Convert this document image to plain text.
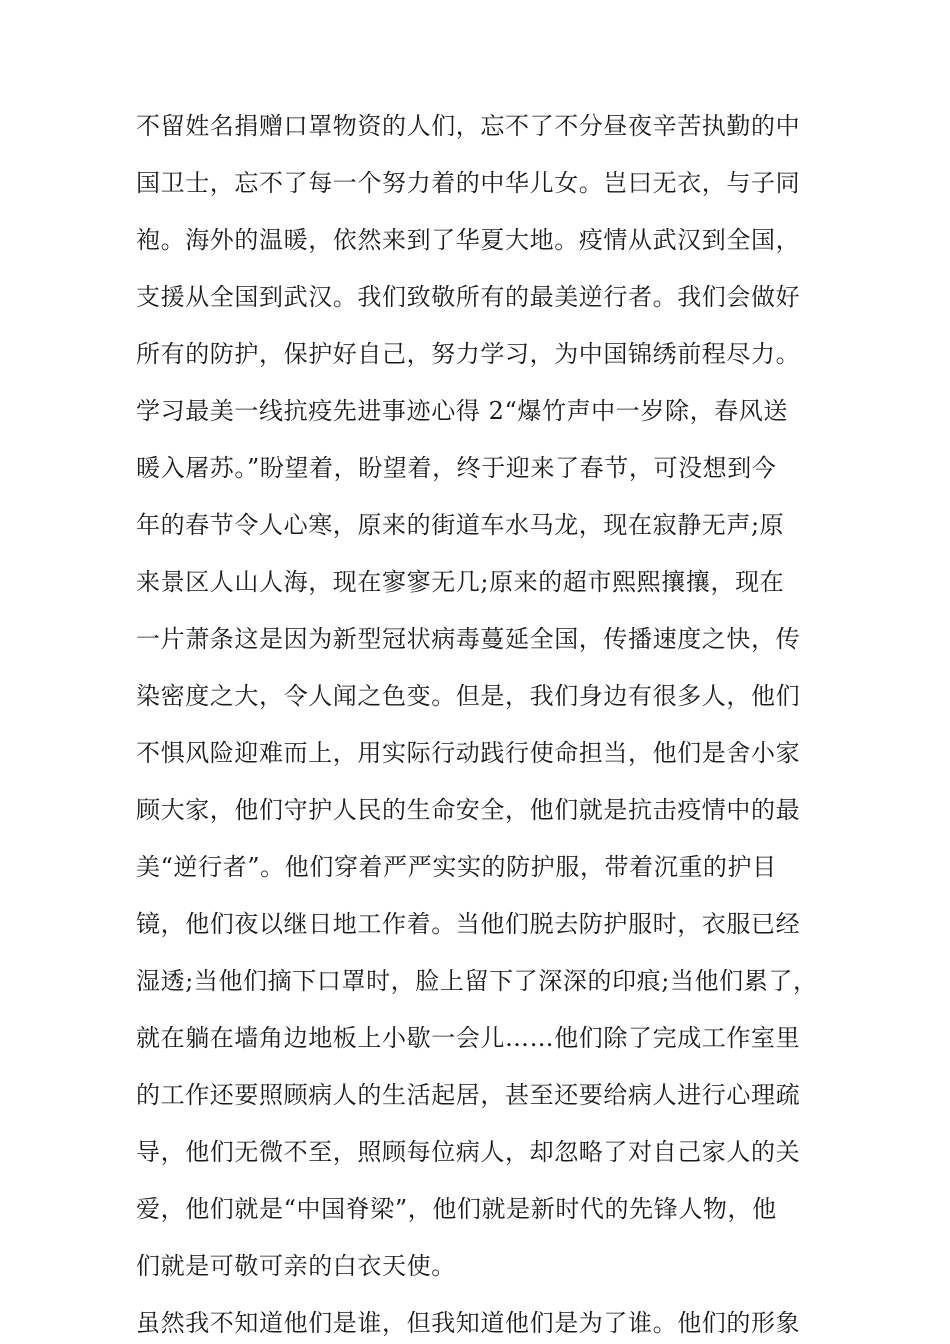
不留姓名捐赠口罩物资的人们，忘不了不分昼夜辛苦执勤的中
国卫士，忘不了每一个努力着的中华儿女。岂曰无衣，与子同
袍。海外的温暖，依然来到了华夏大地。疫情从武汉到全国，
支援从全国到武汉。我们致敬所有的最美逆行者。我们会做好
所有的防护，保护好自己，努力学习，为中国锦绣前程尽力。
学习最美一线抗疫先进事迹心得 2“爆竹声中一岁除，春风送
暖入屠苏。”盼望着，盼望着，终于迎来了春节，可没想到今
年的春节令人心寒，原来的街道车水马龙，现在寂静无声;原
来景区人山人海，现在寥寥无几;原来的超市熙熙攘攘，现在
一片萧条这是因为新型冠状病毒蔓延全国，传播速度之快，传
染密度之大，令人闻之色变。但是，我们身边有很多人，他们
不惧风险迎难而上，用实际行动践行使命担当，他们是舍小家
顾大家，他们守护人民的生命安全，他们就是抗击疫情中的最
美“逆行者”。他们穿着严严实实的防护服，带着沉重的护目
镜，他们夜以继日地工作着。当他们脱去防护服时，衣服已经
湿透;当他们摘下口罩时，脸上留下了深深的印痕;当他们累了，
就在躺在墙角边地板上小歇一会儿……他们除了完成工作室里
的工作还要照顾病人的生活起居，甚至还要给病人进行心理疏
导，他们无微不至，照顾每位病人，却忽略了对自己家人的关
爱，他们就是“中国脊梁”，他们就是新时代的先锋人物，他
们就是可敬可亲的白衣天使。
虽然我不知道他们是谁，但我知道他们是为了谁。他们的形象
